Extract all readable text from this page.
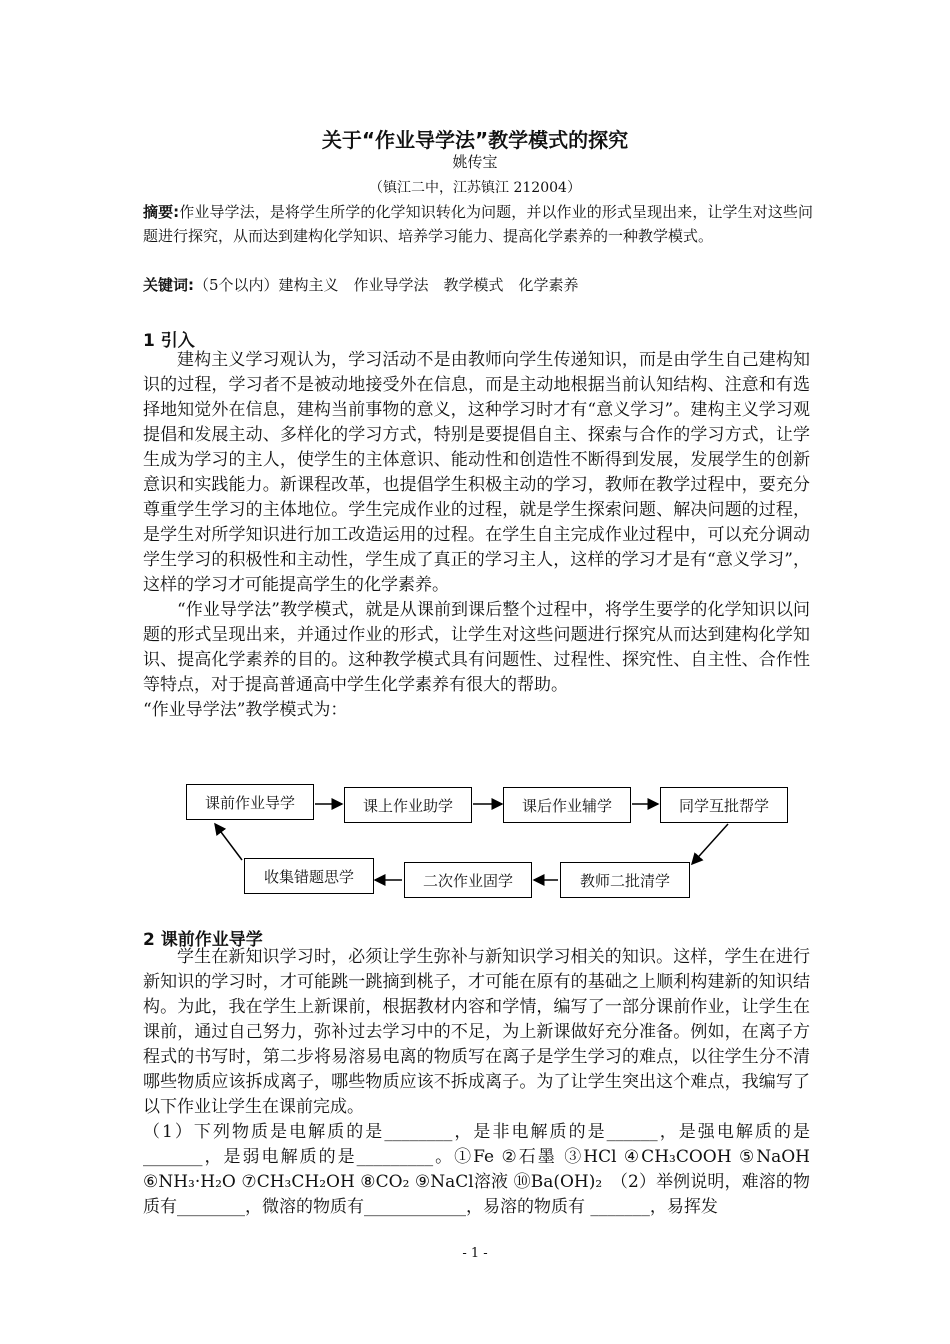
关于“作业导学法”教学模式的探究
姚传宝
（镇江二中，江苏镇江 212004）
摘要:作业导学法，是将学生所学的化学知识转化为问题，并以作业的形式呈现出来，让学生对这些问题进行探究，从而达到建构化学知识、培养学习能力、提高化学素养的一种教学模式。
关键词:（5个以内）建构主义　作业导学法　教学模式　化学素养
1 引入

建构主义学习观认为，学习活动不是由教师向学生传递知识，而是由学生自己建构知识的过程，学习者不是被动地接受外在信息，而是主动地根据当前认知结构、注意和有选择地知觉外在信息，建构当前事物的意义，这种学习时才有“意义学习”。建构主义学习观提倡和发展主动、多样化的学习方式，特别是要提倡自主、探索与合作的学习方式，让学生成为学习的主人，使学生的主体意识、能动性和创造性不断得到发展，发展学生的创新意识和实践能力。新课程改革，也提倡学生积极主动的学习，教师在教学过程中，要充分尊重学生学习的主体地位。学生完成作业的过程，就是学生探索问题、解决问题的过程，是学生对所学知识进行加工改造运用的过程。在学生自主完成作业过程中，可以充分调动学生学习的积极性和主动性，学生成了真正的学习主人，这样的学习才是有“意义学习”，这样的学习才可能提高学生的化学素养。

“作业导学法”教学模式，就是从课前到课后整个过程中，将学生要学的化学知识以问题的形式呈现出来，并通过作业的形式，让学生对这些问题进行探究从而达到建构化学知识、提高化学素养的目的。这种教学模式具有问题性、过程性、探究性、自主性、合作性等特点，对于提高普通高中学生化学素养有很大的帮助。

“作业导学法”教学模式为：

课前作业导学	课上作业助学	课后作业辅学	同学互批帮学
教师二批清学
二次作业固学
收集错题思学
2 课前作业导学

学生在新知识学习时，必须让学生弥补与新知识学习相关的知识。这样，学生在进行新知识的学习时，才可能跳一跳摘到桃子，才可能在原有的基础之上顺利构建新的知识结构。为此，我在学生上新课前，根据教材内容和学情，编写了一部分课前作业，让学生在课前，通过自己努力，弥补过去学习中的不足，为上新课做好充分准备。例如，在离子方程式的书写时，第二步将易溶易电离的物质写在离子是学生学习的难点，以往学生分不清哪些物质应该拆成离子，哪些物质应该不拆成离子。为了让学生突出这个难点，我编写了以下作业让学生在课前完成。

（1）下列物质是电解质的是________，是非电解质的是______，是强电解质的是_______，是弱电解质的是_________。①Fe ②石墨 ③HCl ④CH₃COOH ⑤NaOH ⑥NH₃·H₂O ⑦CH₃CH₂OH ⑧CO₂ ⑨NaCl溶液 ⑩Ba(OH)₂　（2）举例说明，难溶的物质有________，微溶的物质有____________，易溶的物质有 _______，易挥发

- 1 -
